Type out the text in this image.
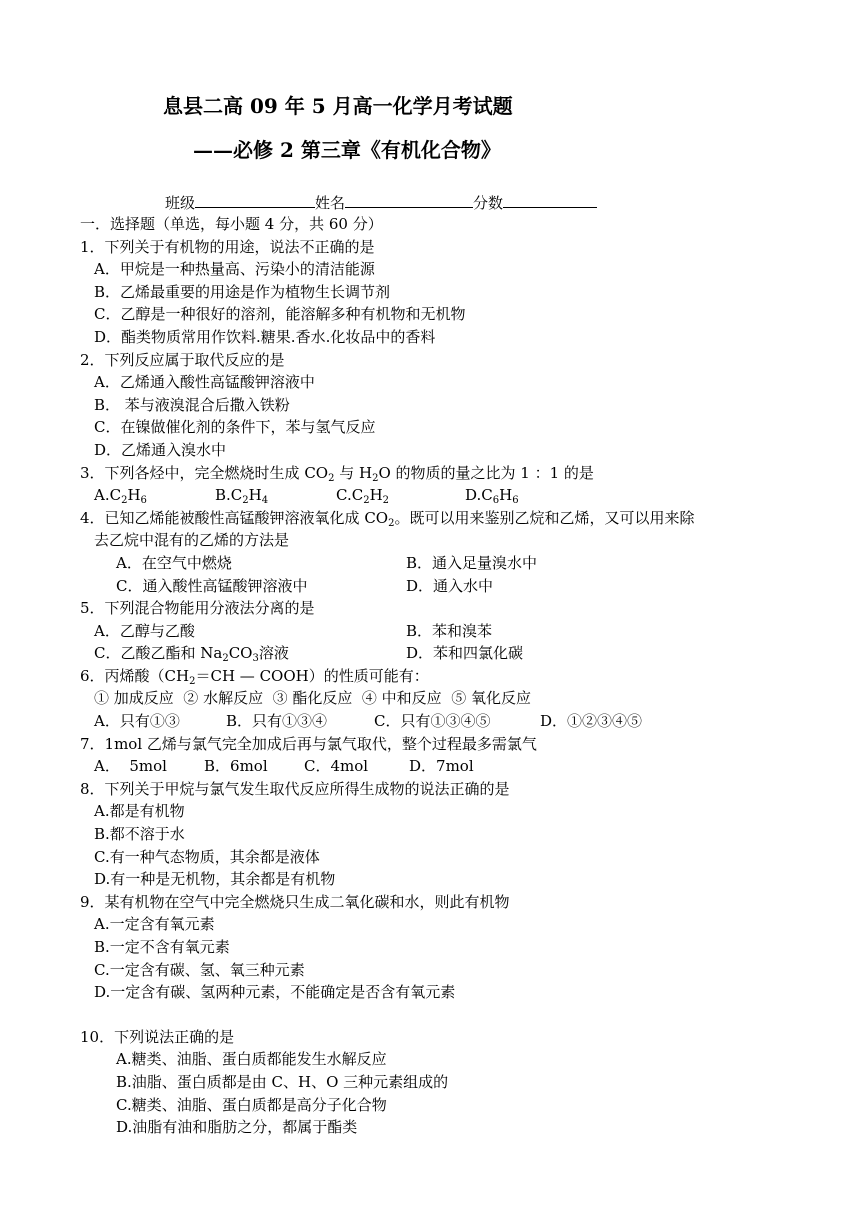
息县二高 09 年 5 月高一化学月考试题
——必修 2 第三章《有机化合物》
班级	姓名	分数
一．选择题（单选，每小题 4 分，共 60 分）
1．下列关于有机物的用途，说法不正确的是
A．甲烷是一种热量高、污染小的清洁能源
B．乙烯最重要的用途是作为植物生长调节剂
C．乙醇是一种很好的溶剂，能溶解多种有机物和无机物
D．酯类物质常用作饮料.糖果.香水.化妆品中的香料
2．下列反应属于取代反应的是
A．乙烯通入酸性高锰酸钾溶液中
B． 苯与液溴混合后撒入铁粉
C．在镍做催化剂的条件下，苯与氢气反应
D．乙烯通入溴水中
3．下列各烃中，完全燃烧时生成 $CO_2$ 与 $H_2O$ 的物质的量之比为 1 ：1 的是
$A.C_2H_6$	$B.C_2H_4$	$C.C_2H_2$	$D.C_6H_6$
4．已知乙烯能被酸性高锰酸钾溶液氧化成 $CO_2$。既可以用来鉴别乙烷和乙烯，又可以用来除
去乙烷中混有的乙烯的方法是
A．在空气中燃烧	B．通入足量溴水中
C．通入酸性高锰酸钾溶液中	D．通入水中
5．下列混合物能用分液法分离的是
A．乙醇与乙酸	B．苯和溴苯
C．乙酸乙酯和 $Na_2CO_3$溶液	D．苯和四氯化碳
6．丙烯酸（$CH_2=CH$ — COOH）的性质可能有：
① 加成反应  ② 水解反应  ③ 酯化反应  ④ 中和反应  ⑤ 氧化反应
A．只有①③	B．只有①③④	C．只有①③④⑤	D．①②③④⑤
7．1mol 乙烯与氯气完全加成后再与氯气取代，整个过程最多需氯气
A．  5mol	B．6mol	C．4mol	D．7mol
8．下列关于甲烷与氯气发生取代反应所得生成物的说法正确的是
A.都是有机物
B.都不溶于水
C.有一种气态物质，其余都是液体
D.有一种是无机物，其余都是有机物
9．某有机物在空气中完全燃烧只生成二氧化碳和水，则此有机物
A.一定含有氧元素
B.一定不含有氧元素
C.一定含有碳、氢、氧三种元素
D.一定含有碳、氢两种元素，不能确定是否含有氧元素
10．下列说法正确的是
A.糖类、油脂、蛋白质都能发生水解反应
B.油脂、蛋白质都是由 C、H、O 三种元素组成的
C.糖类、油脂、蛋白质都是高分子化合物
D.油脂有油和脂肪之分，都属于酯类
